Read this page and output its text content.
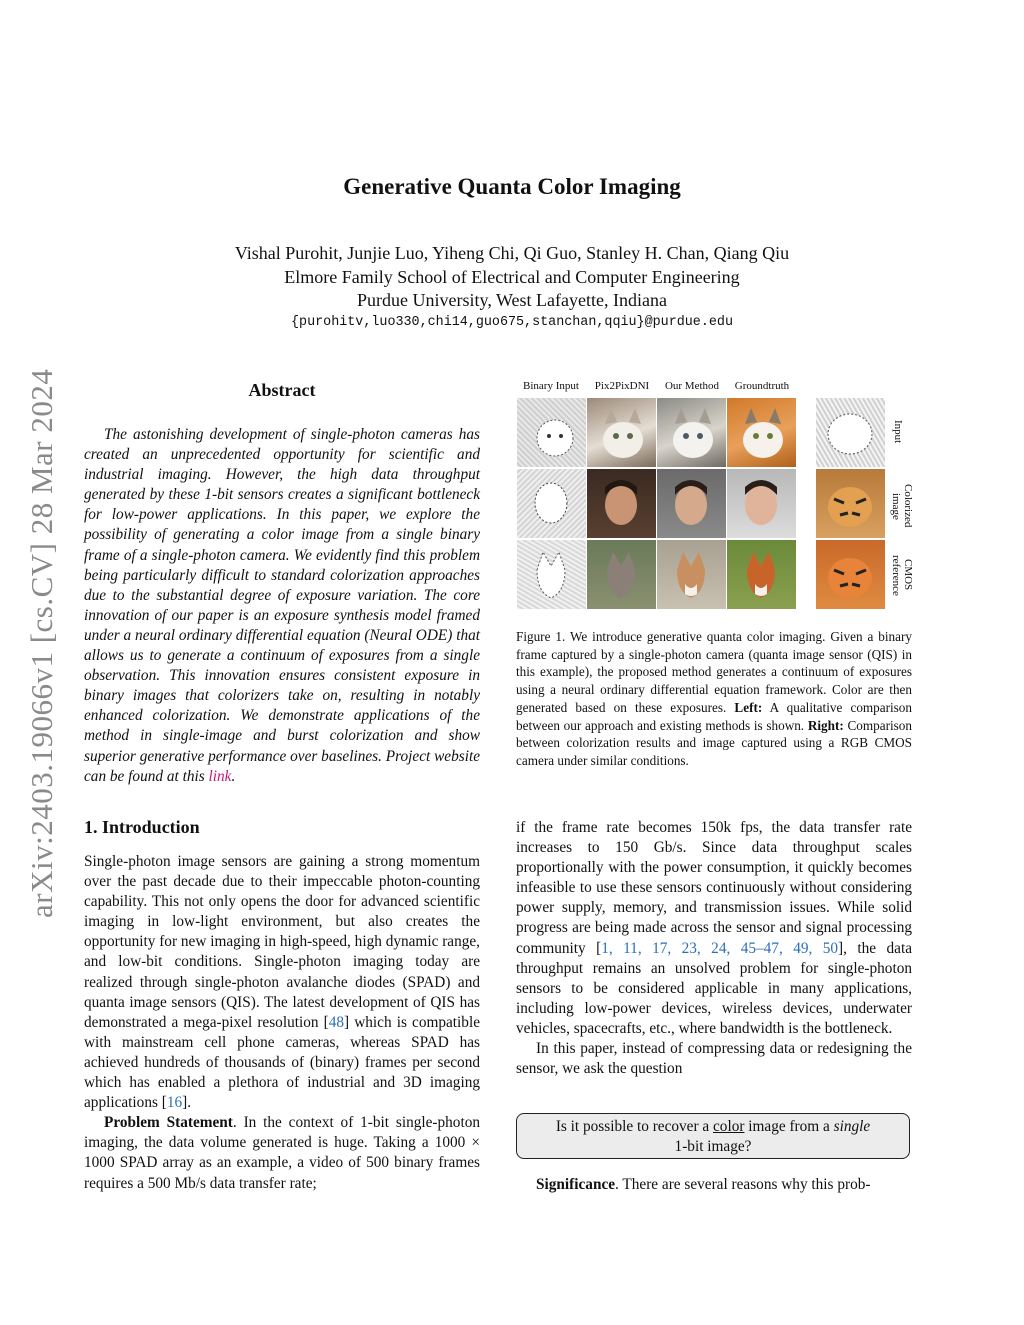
arXiv:2403.19066v1 [cs.CV] 28 Mar 2024
Generative Quanta Color Imaging
Vishal Purohit, Junjie Luo, Yiheng Chi, Qi Guo, Stanley H. Chan, Qiang Qiu
Elmore Family School of Electrical and Computer Engineering
Purdue University, West Lafayette, Indiana
{purohitv,luo330,chi14,guo675,stanchan,qqiu}@purdue.edu
Abstract

The astonishing development of single-photon cameras has created an unprecedented opportunity for scientific and industrial imaging. However, the high data throughput generated by these 1-bit sensors creates a significant bottleneck for low-power applications. In this paper, we explore the possibility of generating a color image from a single binary frame of a single-photon camera. We evidently find this problem being particularly difficult to standard colorization approaches due to the substantial degree of exposure variation. The core innovation of our paper is an exposure synthesis model framed under a neural ordinary differential equation (Neural ODE) that allows us to generate a continuum of exposures from a single observation. This innovation ensures consistent exposure in binary images that colorizers take on, resulting in notably enhanced colorization. We demonstrate applications of the method in single-image and burst colorization and show superior generative performance over baselines. Project website can be found at this link.

1. Introduction

Single-photon image sensors are gaining a strong momentum over the past decade due to their impeccable photon-counting capability. This not only opens the door for advanced scientific imaging in low-light environment, but also creates the opportunity for new imaging in high-speed, high dynamic range, and low-bit conditions. Single-photon imaging today are realized through single-photon avalanche diodes (SPAD) and quanta image sensors (QIS). The latest development of QIS has demonstrated a mega-pixel resolution [48] which is compatible with mainstream cell phone cameras, whereas SPAD has achieved hundreds of thousands of (binary) frames per second which has enabled a plethora of industrial and 3D imaging applications [16].

Problem Statement. In the context of 1-bit single-photon imaging, the data volume generated is huge. Taking a 1000 × 1000 SPAD array as an example, a video of 500 binary frames requires a 500 Mb/s data transfer rate;

Binary Input	Pix2PixDNI	Our Method	Groundtruth
Input
Colorized image
CMOS reference

Figure 1. We introduce generative quanta color imaging. Given a binary frame captured by a single-photon camera (quanta image sensor (QIS) in this example), the proposed method generates a continuum of exposures using a neural ordinary differential equation framework. Color are then generated based on these exposures. Left: A qualitative comparison between our approach and existing methods is shown. Right: Comparison between colorization results and image captured using a RGB CMOS camera under similar conditions.

if the frame rate becomes 150k fps, the data transfer rate increases to 150 Gb/s. Since data throughput scales proportionally with the power consumption, it quickly becomes infeasible to use these sensors continuously without considering power supply, memory, and transmission issues. While solid progress are being made across the sensor and signal processing community [1, 11, 17, 23, 24, 45–47, 49, 50], the data throughput remains an unsolved problem for single-photon sensors to be considered applicable in many applications, including low-power devices, wireless devices, underwater vehicles, spacecrafts, etc., where bandwidth is the bottleneck.

In this paper, instead of compressing data or redesigning the sensor, we ask the question

Is it possible to recover a color image from a single
1-bit image?

Significance. There are several reasons why this prob-
